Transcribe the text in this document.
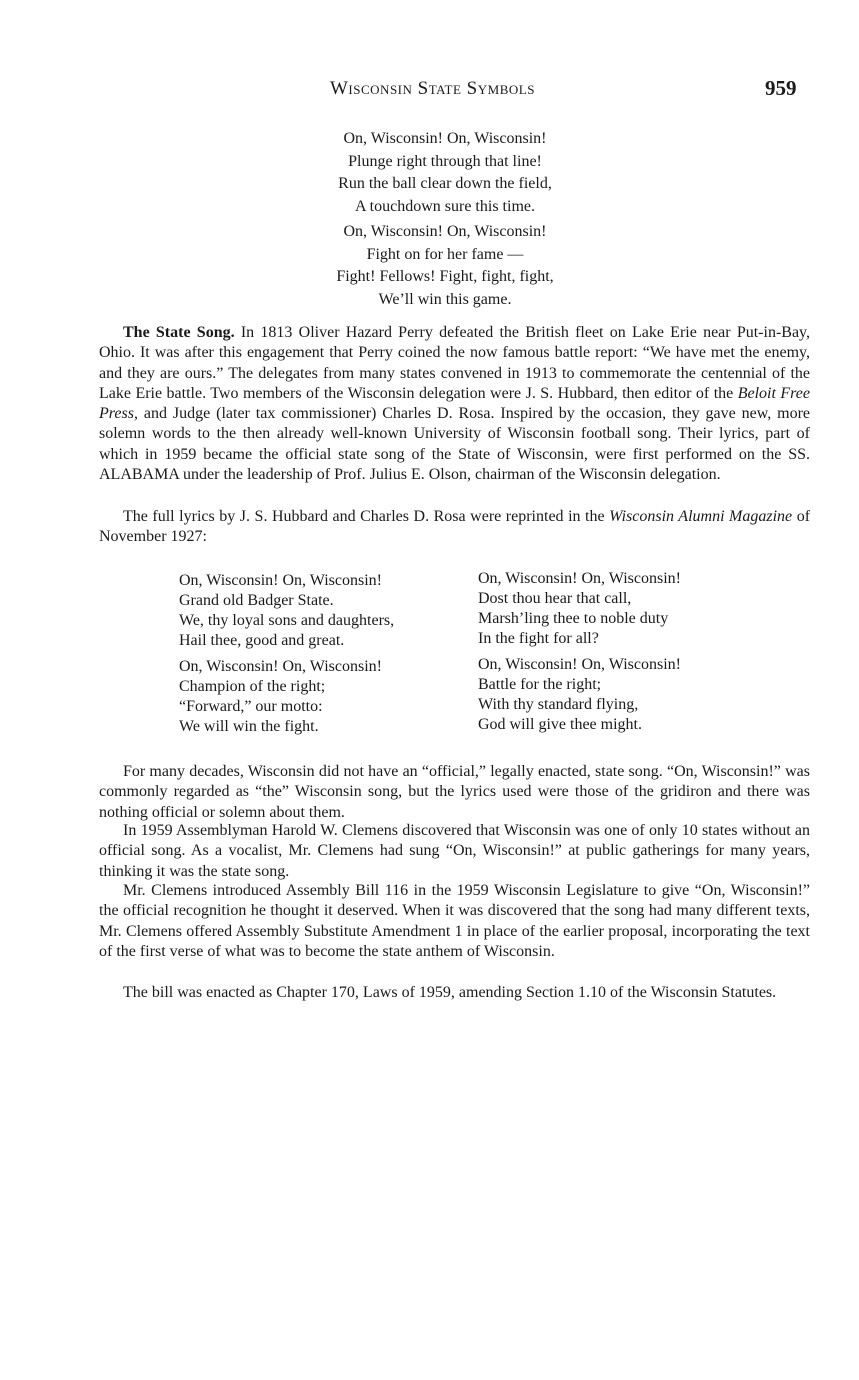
Wisconsin State Symbols	959
On, Wisconsin! On, Wisconsin!
Plunge right through that line!
Run the ball clear down the field,
A touchdown sure this time.
On, Wisconsin! On, Wisconsin!
Fight on for her fame —
Fight! Fellows! Fight, fight, fight,
We’ll win this game.

The State Song. In 1813 Oliver Hazard Perry defeated the British fleet on Lake Erie near Put-in-Bay, Ohio. It was after this engagement that Perry coined the now famous battle report: “We have met the enemy, and they are ours.” The delegates from many states convened in 1913 to commemorate the centennial of the Lake Erie battle. Two members of the Wisconsin delegation were J. S. Hubbard, then editor of the Beloit Free Press, and Judge (later tax commissioner) Charles D. Rosa. Inspired by the occasion, they gave new, more solemn words to the then already well-known University of Wisconsin football song. Their lyrics, part of which in 1959 became the official state song of the State of Wisconsin, were first performed on the SS. ALABAMA under the leadership of Prof. Julius E. Olson, chairman of the Wisconsin delegation.

The full lyrics by J. S. Hubbard and Charles D. Rosa were reprinted in the Wisconsin Alumni Magazine of November 1927:

On, Wisconsin! On, Wisconsin!
Grand old Badger State.
We, thy loyal sons and daughters,
Hail thee, good and great.
On, Wisconsin! On, Wisconsin!
Champion of the right;
“Forward,” our motto:
We will win the fight.
On, Wisconsin! On, Wisconsin!
Dost thou hear that call,
Marsh’ling thee to noble duty
In the fight for all?
On, Wisconsin! On, Wisconsin!
Battle for the right;
With thy standard flying,
God will give thee might.

For many decades, Wisconsin did not have an “official,” legally enacted, state song. “On, Wisconsin!” was commonly regarded as “the” Wisconsin song, but the lyrics used were those of the gridiron and there was nothing official or solemn about them.

In 1959 Assemblyman Harold W. Clemens discovered that Wisconsin was one of only 10 states without an official song. As a vocalist, Mr. Clemens had sung “On, Wisconsin!” at public gatherings for many years, thinking it was the state song.

Mr. Clemens introduced Assembly Bill 116 in the 1959 Wisconsin Legislature to give “On, Wisconsin!” the official recognition he thought it deserved. When it was discovered that the song had many different texts, Mr. Clemens offered Assembly Substitute Amendment 1 in place of the earlier proposal, incorporating the text of the first verse of what was to become the state anthem of Wisconsin.

The bill was enacted as Chapter 170, Laws of 1959, amending Section 1.10 of the Wisconsin Statutes.
